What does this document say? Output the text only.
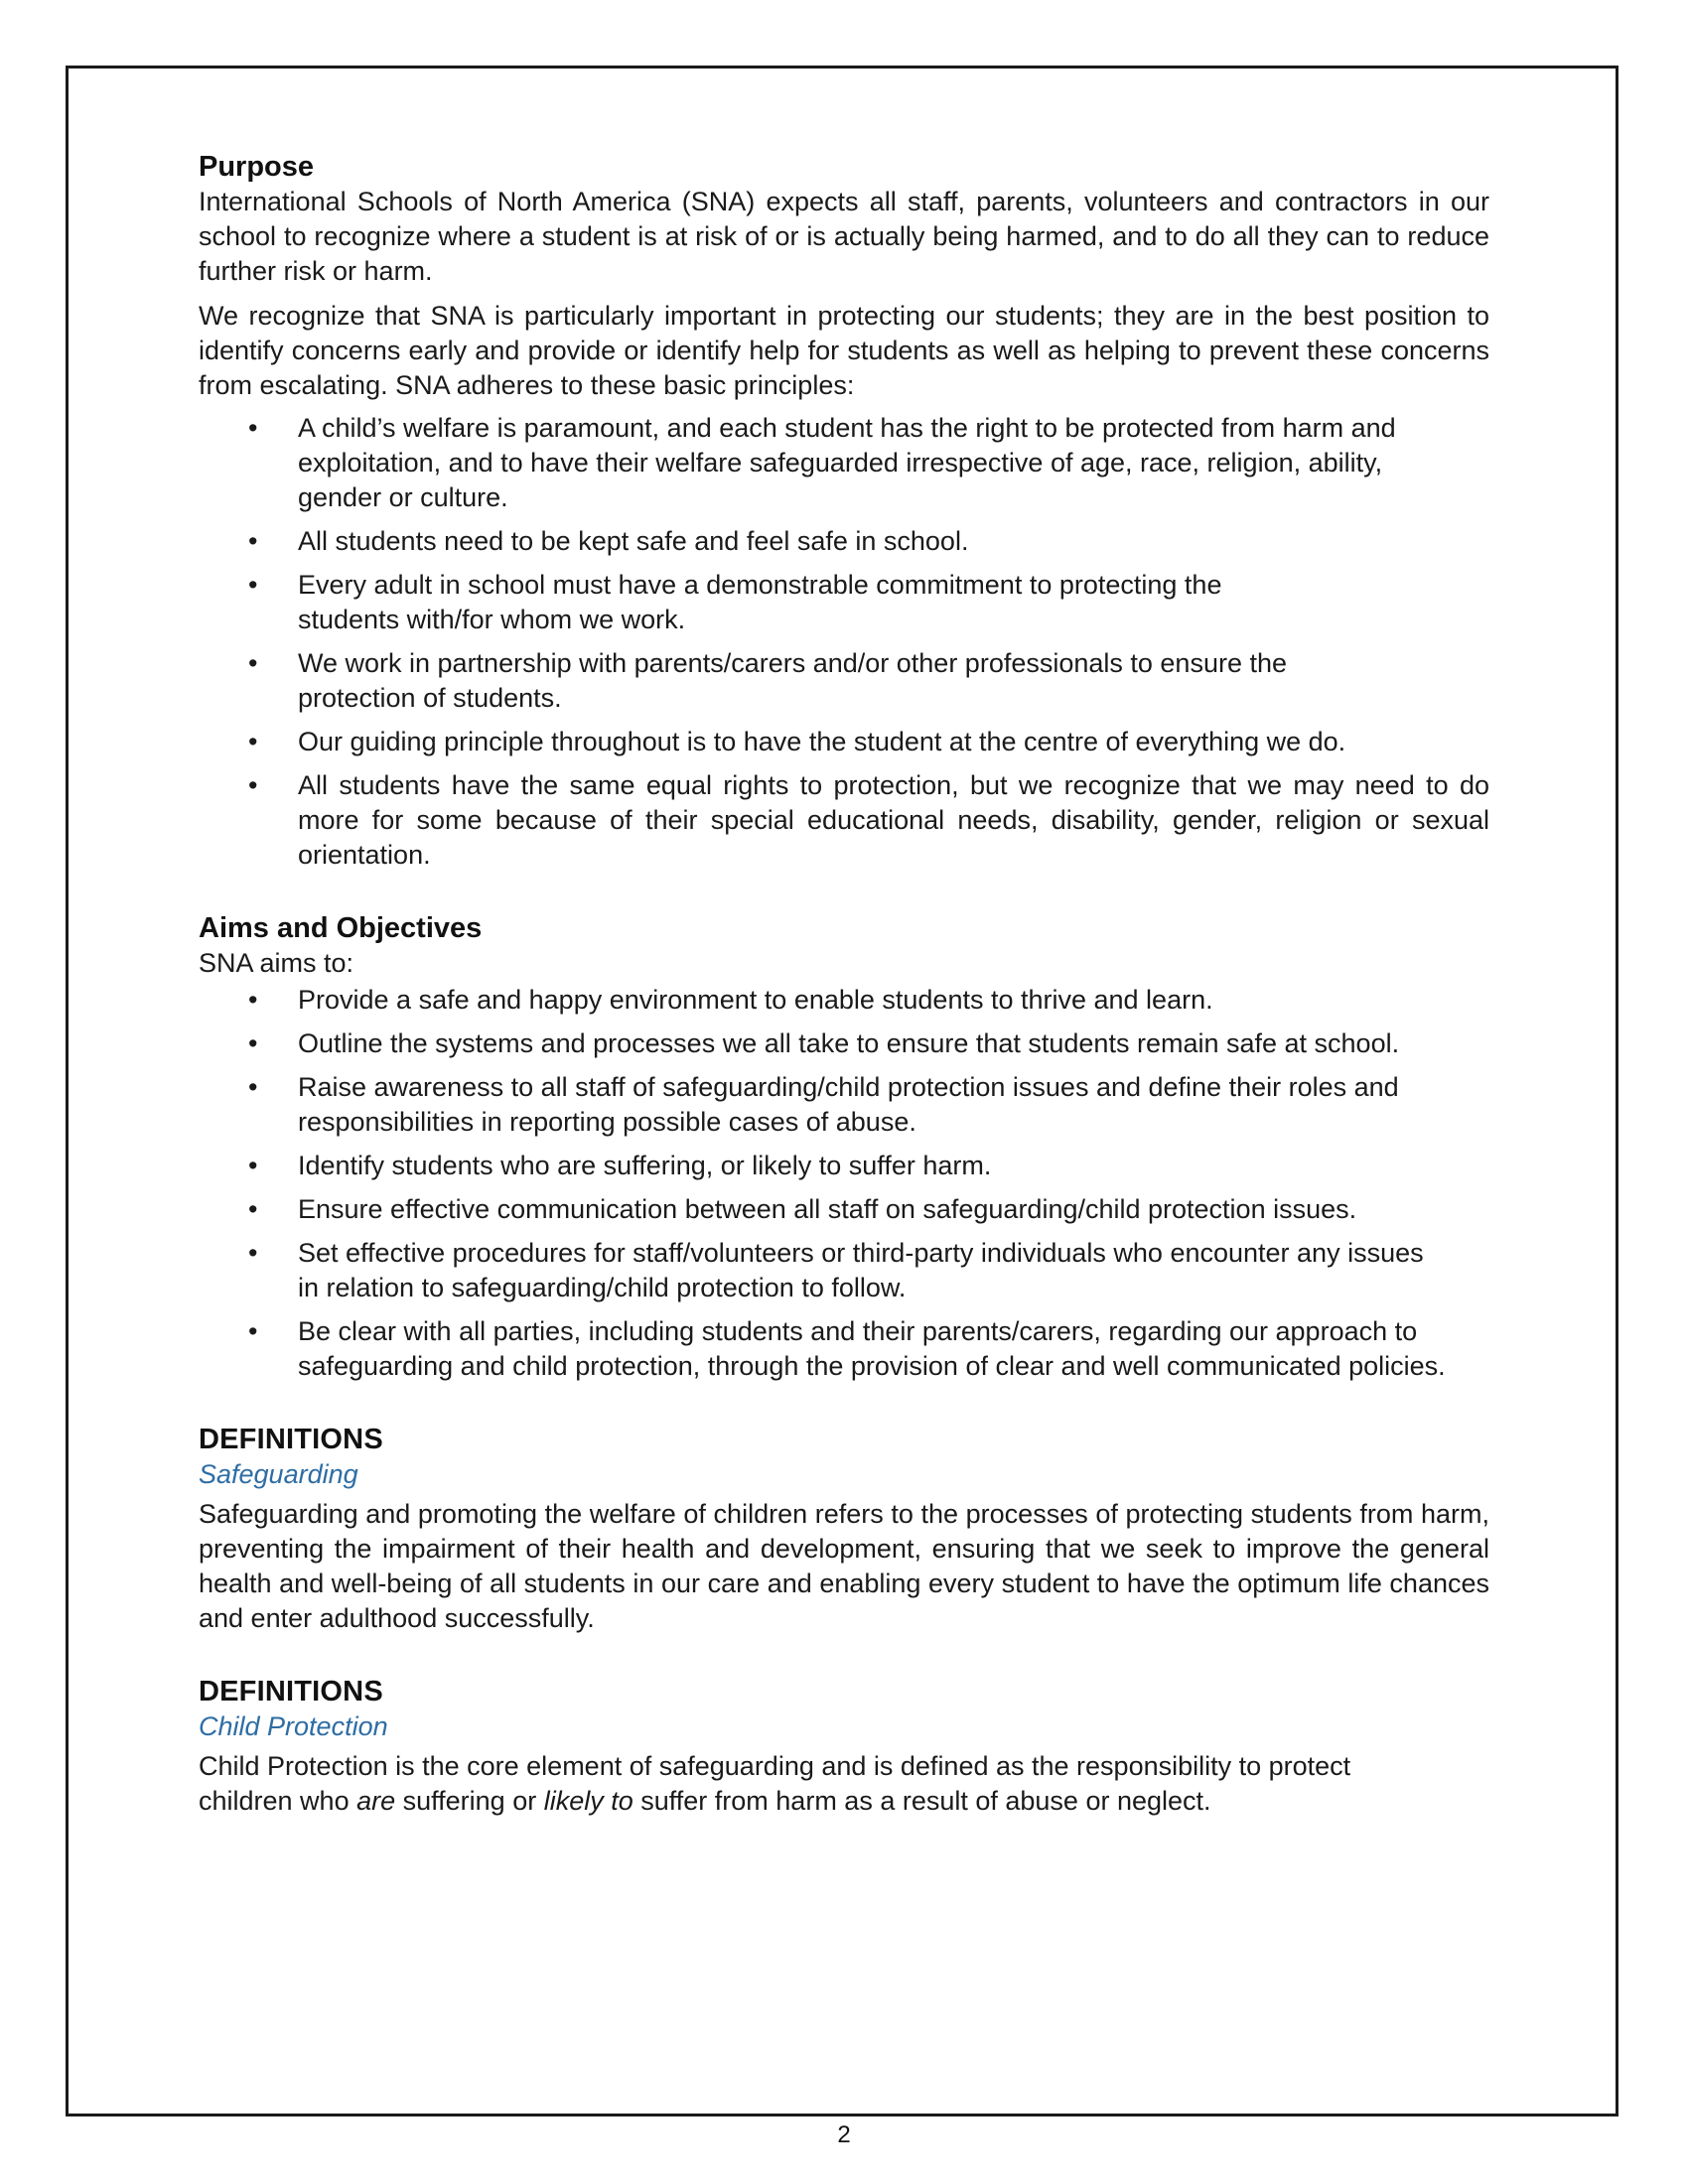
Purpose

International Schools of North America (SNA) expects all staff, parents, volunteers and contractors in our school to recognize where a student is at risk of or is actually being harmed, and to do all they can to reduce further risk or harm.

We recognize that SNA is particularly important in protecting our students; they are in the best position to identify concerns early and provide or identify help for students as well as helping to prevent these concerns from escalating. SNA adheres to these basic principles:

• A child’s welfare is paramount, and each student has the right to be protected from harm and exploitation, and to have their welfare safeguarded irrespective of age, race, religion, ability, gender or culture.
• All students need to be kept safe and feel safe in school.
• Every adult in school must have a demonstrable commitment to protecting the students with/for whom we work.
• We work in partnership with parents/carers and/or other professionals to ensure the protection of students.
• Our guiding principle throughout is to have the student at the centre of everything we do.
• All students have the same equal rights to protection, but we recognize that we may need to do more for some because of their special educational needs, disability, gender, religion or sexual orientation.
Aims and Objectives

SNA aims to:

• Provide a safe and happy environment to enable students to thrive and learn.
• Outline the systems and processes we all take to ensure that students remain safe at school.
• Raise awareness to all staff of safeguarding/child protection issues and define their roles and responsibilities in reporting possible cases of abuse.
• Identify students who are suffering, or likely to suffer harm.
• Ensure effective communication between all staff on safeguarding/child protection issues.
• Set effective procedures for staff/volunteers or third-party individuals who encounter any issues in relation to safeguarding/child protection to follow.
• Be clear with all parties, including students and their parents/carers, regarding our approach to safeguarding and child protection, through the provision of clear and well communicated policies.
DEFINITIONS
Safeguarding

Safeguarding and promoting the welfare of children refers to the processes of protecting students from harm, preventing the impairment of their health and development, ensuring that we seek to improve the general health and well-being of all students in our care and enabling every student to have the optimum life chances and enter adulthood successfully.

DEFINITIONS
Child Protection

Child Protection is the core element of safeguarding and is defined as the responsibility to protect children who are suffering or likely to suffer from harm as a result of abuse or neglect.

2
